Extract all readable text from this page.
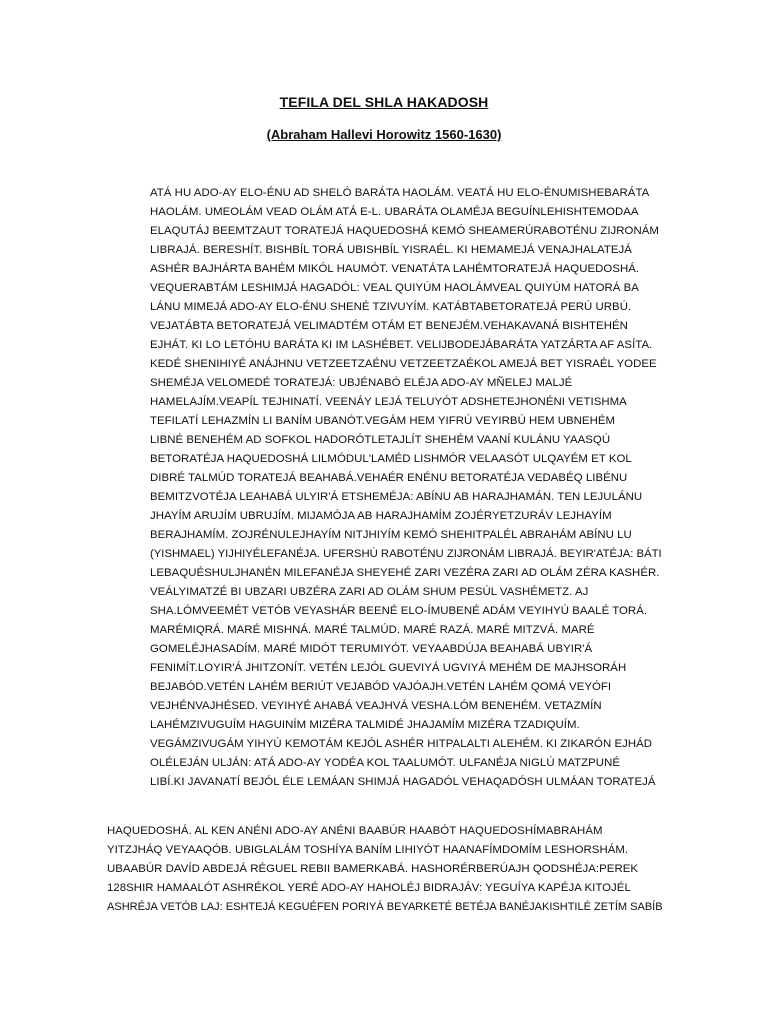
TEFILA DEL SHLA HAKADOSH
(Abraham Hallevi Horowitz 1560-1630)
ATÁ HU ADO-AY ELO-ÉNU AD SHELÓ BARÁTA HAOLÁM. VEATÁ HU ELO-ÉNUMISHEBARÁTA
HAOLÁM. UMEOLÁM VEAD OLÁM ATÁ E-L. UBARÁTA OLAMÉJA BEGUÍNLEHISHTEMODAA
ELAQUTÁJ BEEMTZAUT TORATEJÁ HAQUEDOSHÁ KEMÓ SHEAMERÚRABOTÉNU ZIJRONÁM
LIBRAJÁ. BERESHÍT. BISHBÍL TORÁ UBISHBÍL YISRAÉL. KI HEMAMEJÁ VENAJHALATEJÁ
ASHÉR BAJHÁRTA BAHÉM MIKÓL HAUMÓT. VENATÁTA LAHÉMTORATEJÁ HAQUEDOSHÁ.
VEQUERABTÁM LESHIMJÁ HAGADÓL: VEAL QUIYÚM HAOLÁMVEAL QUIYÚM HATORÁ BA
LÁNU MIMEJÁ ADO-AY ELO-ÉNU SHENÉ TZIVUYÍM. KATÁBTABETORATEJÁ PERÚ URBÚ.
VEJATÁBTA BETORATEJÁ VELIMADTÉM OTÁM ET BENEJÉM.VEHAKAVANÁ BISHTEHÉN
EJHÁT. KI LO LETÓHU BARÁTA KI IM LASHÉBET. VELIJBODEJÁBARÁTA YATZÁRTA AF ASÍTA.
KEDÉ SHENIHIYÉ ANÁJHNU VETZEETZAÉNU VETZEETZAÉKOL AMEJÁ BET YISRAÉL YODEE
SHEMÉJA VELOMEDÉ TORATEJÁ: UBJÉNABÓ ELÉJA ADO-AY MÑELEJ MALJÉ
HAMELAJÍM.VEAPÍL TEJHINATÍ. VEENÁY LEJÁ TELUYÓT ADSHETEJHONÉNI VETISHMA
TEFILATÍ LEHAZMÍN LI BANÍM UBANÓT.VEGÁM HEM YIFRÚ VEYIRBÚ HEM UBNEHÉM
LIBNÉ BENEHÉM AD SOFKOL HADORÓTLETAJLÍT SHEHÉM VAANÍ KULÁNU YAASQÚ
BETORATÉJA HAQUEDOSHÁ LILMÓDUL'LAMÉD LISHMÓR VELAASÓT ULQAYÉM ET KOL
DIBRÉ TALMÚD TORATEJÁ BEAHABÁ.VEHAÉR ENÉNU BETORATÉJA VEDABÉQ LIBÉNU
BEMITZVOTÉJA LEAHABÁ ULYIR'Á ETSHEMÉJA: ABÍNU AB HARAJHAMÁN. TEN LEJULÁNU
JHAYÍM ARUJÍM UBRUJÍM. MIJAMÓJA AB HARAJHAMÍM ZOJÉRYETZURÁV LEJHAYÍM
BERAJHAMÍM. ZOJRÉNULEJHAYÍM NITJHIYÍM KEMÓ SHEHITPALÉL ABRAHÁM ABÍNU LU
(YISHMAEL) YIJHIYÉLEFANÉJA. UFERSHÚ RABOTÉNU ZIJRONÁM LIBRAJÁ. BEYIR'ATÉJA: BÁTI
LEBAQUÉSHULJHANÉN MILEFANÉJA SHEYEHÉ ZARI VEZÉRA ZARI AD OLÁM ZÉRA KASHÉR.
VEÁLYIMATZÉ BI UBZARI UBZÉRA ZARI AD OLÁM SHUM PESÚL VASHÉMETZ. AJ
SHA.LÓMVEEMÉT VETÓB VEYASHÁR BEENÉ ELO-ÍMUBENÉ ADÁM VEYIHYÚ BAALÉ TORÁ.
MARÉMIQRÁ. MARÉ MISHNÁ. MARÉ TALMÚD. MARÉ RAZÁ. MARÉ MITZVÁ. MARÉ
GOMELÉJHASADÍM. MARÉ MIDÓT TERUMIYÓT. VEYAABDÚJA BEAHABÁ UBYIR'Á
FENIMÍT.LOYIR'Á JHITZONÍT. VETÉN LEJÓL GUEVIYÁ UGVIYÁ MEHÉM DE MAJHSORÁH
BEJABÓD.VETÉN LAHÉM BERIÚT VEJABÓD VAJÓAJH.VETÉN LAHÉM QOMÁ VEYÓFI
VEJHÉNVAJHÉSED. VEYIHYÉ AHABÁ VEAJHVÁ VESHA.LÓM BENEHÉM. VETAZMÍN
LAHÉMZIVUGUÍM HAGUINÍM MIZÉRA TALMIDÉ JHAJAMÍM MIZÉRA TZADIQUÍM.
VEGÁMZIVUGÁM YIHYÚ KEMOTÁM KEJÓL ASHÉR HITPALALTI ALEHÉM. KI ZIKARÓN EJHÁD
OLÉLEJÁN ULJÁN: ATÁ ADO-AY YODÉA KOL TAALUMÓT. ULFANÉJA NIGLÚ MATZPUNÉ
LIBÍ.KI JAVANATÍ BEJÓL ÉLE LEMÁAN SHIMJÁ HAGADÓL VEHAQADÓSH ULMÁAN TORATEJÁ
HAQUEDOSHÁ. AL KEN ANÉNI ADO-AY ANÉNI BAABÚR HAABÓT HAQUEDOSHÍMABRAHÁM
YITZJHÁQ VEYAAQÓB. UBIGLALÁM TOSHÍYA BANÍM LIHIYÓT HAANAFÍMDOMÍM LESHORSHÁM.
UBAABÚR DAVÍD ABDEJÁ RÉGUEL REBII BAMERKABÁ. HASHORÉRBERÚAJH QODSHÉJA:PEREK
128SHIR HAMAALÓT ASHRÉKOL YERÉ ADO-AY HAHOLÉJ BIDRAJÁV: YEGUÍYA KAPÉJA KITOJÉL
ASHRÉJA VETÓB LAJ: ESHTEJÁ KEGUÉFEN PORIYÁ BEYARKETÉ BETÉJA BANÉJAKISHTILÉ ZETÍM SABÍB
